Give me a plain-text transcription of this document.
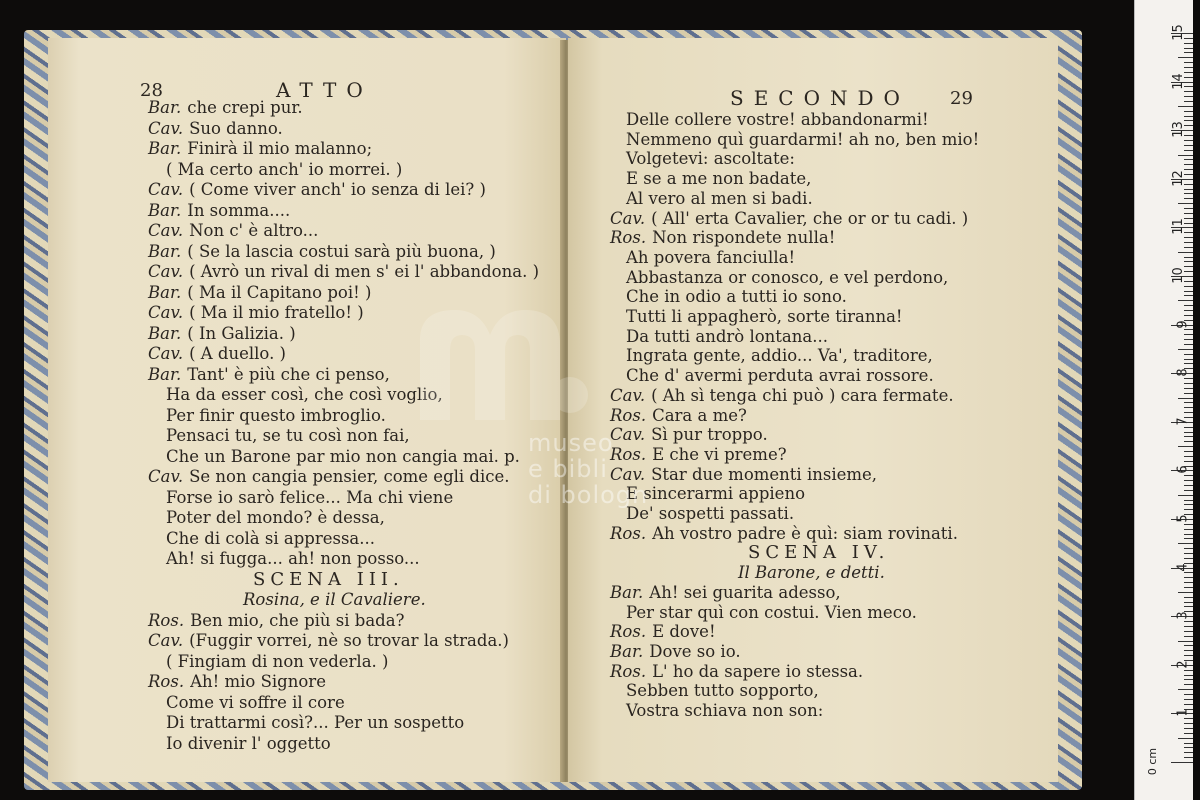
28	ATTO
Bar. che crepi pur.
Cav. Suo danno.
Bar. Finirà il mio malanno;
( Ma certo anch' io morrei. )
Cav. ( Come viver anch' io senza di lei? )
Bar. In somma....
Cav. Non c' è altro...
Bar. ( Se la lascia costui sarà più buona, )
Cav. ( Avrò un rival di men s' ei l' abbandona. )
Bar. ( Ma il Capitano poi! )
Cav. ( Ma il mio fratello! )
Bar. ( In Galizia. )
Cav. ( A duello. )
Bar. Tant' è più che ci penso,
Ha da esser così, che così voglio,
Per finir questo imbroglio.
Pensaci tu, se tu così non fai,
Che un Barone par mio non cangia mai. p.
Cav. Se non cangia pensier, come egli dice.
Forse io sarò felice... Ma chi viene
Poter del mondo? è dessa,
Che di colà si appressa...
Ah! si fugga... ah! non posso...
SCENA III.
Rosina, e il Cavaliere.
Ros. Ben mio, che più si bada?
Cav. (Fuggir vorrei, nè so trovar la strada.)
( Fingiam di non vederla. )
Ros. Ah! mio Signore
Come vi soffre il core
Di trattarmi così?... Per un sospetto
Io divenir l' oggetto
SECONDO 29
Delle collere vostre! abbandonarmi!
Nemmeno quì guardarmi! ah no, ben mio!
Volgetevi: ascoltate:
E se a me non badate,
Al vero al men si badi.
Cav. ( All' erta Cavalier, che or or tu cadi. )
Ros. Non rispondete nulla!
Ah povera fanciulla!
Abbastanza or conosco, e vel perdono,
Che in odio a tutti io sono.
Tutti li appagherò, sorte tiranna!
Da tutti andrò lontana...
Ingrata gente, addio... Va', traditore,
Che d' avermi perduta avrai rossore.
Cav. ( Ah sì tenga chi può ) cara fermate.
Ros. Cara a me?
Cav. Sì pur troppo.
Ros. E che vi preme?
Cav. Star due momenti insieme,
E sincerarmi appieno
De' sospetti passati.
Ros. Ah vostro padre è quì: siam rovinati.
SCENA IV.
Il Barone, e detti.
Bar. Ah! sei guarita adesso,
Per star quì con costui. Vien meco.
Ros. E dove!
Bar. Dove so io.
Ros. L' ho da sapere io stessa.
Sebben tutto sopporto,
Vostra schiava non son:
museo
e bibli
di bologn
1
2
3
4
5
6
7
8
9
10
11
12
13
14
15
0 cm
